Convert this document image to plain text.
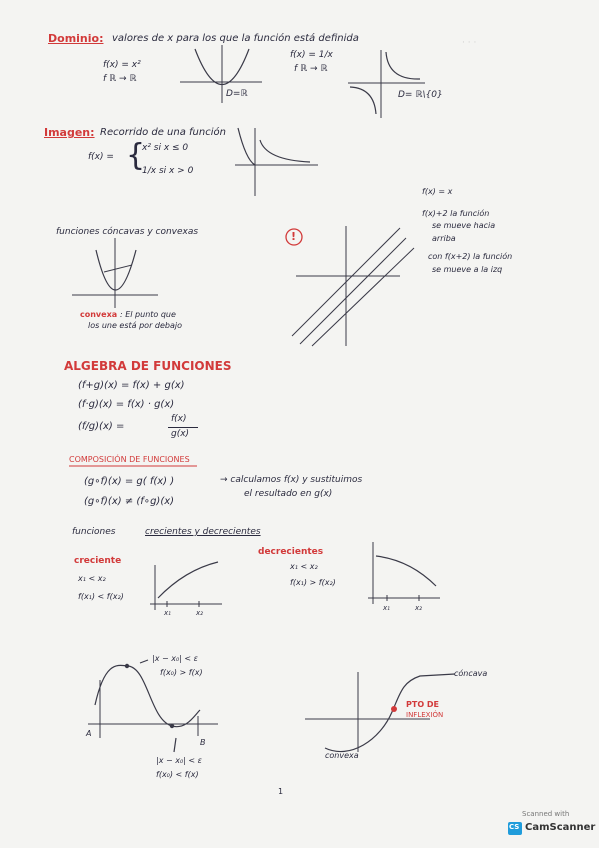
· · ·
Dominio: valores de x para los que la función está definida
f(x) = x²
f ℝ → ℝ
D=ℝ
f(x) = 1/x
f ℝ → ℝ
D= ℝ\{0}
Imagen: Recorrido de una función
f(x) = {
x² si x ≤ 0
1/x si x > 0
f(x) = x
f(x)+2 la función
se mueve hacia
arriba
con f(x+2) la función
se mueve a la izq
!
funciones cóncavas y convexas
convexa : El punto que
los une está por debajo
ALGEBRA DE FUNCIONES
(f+g)(x) = f(x) + g(x)
(f·g)(x) = f(x) · g(x)
(f/g)(x) =
f(x)
g(x)
COMPOSICIÓN DE FUNCIONES
(g∘f)(x) = g( f(x) )	→ calculamos f(x) y sustituimos
el resultado en g(x)
(g∘f)(x) ≠ (f∘g)(x)
funciones	crecientes y decrecientes
creciente
x₁ < x₂
f(x₁) < f(x₂)
x₁	x₂
decrecientes
x₁ < x₂
f(x₁) > f(x₂)
x₁	x₂
|x − x₀| < ε
f(x₀) > f(x)
|x − x₀| < ε
f(x₀) < f(x)
A
B
cóncava
convexa
PTO DE
INFLEXIÓN
1
Scanned with
CS CamScanner
